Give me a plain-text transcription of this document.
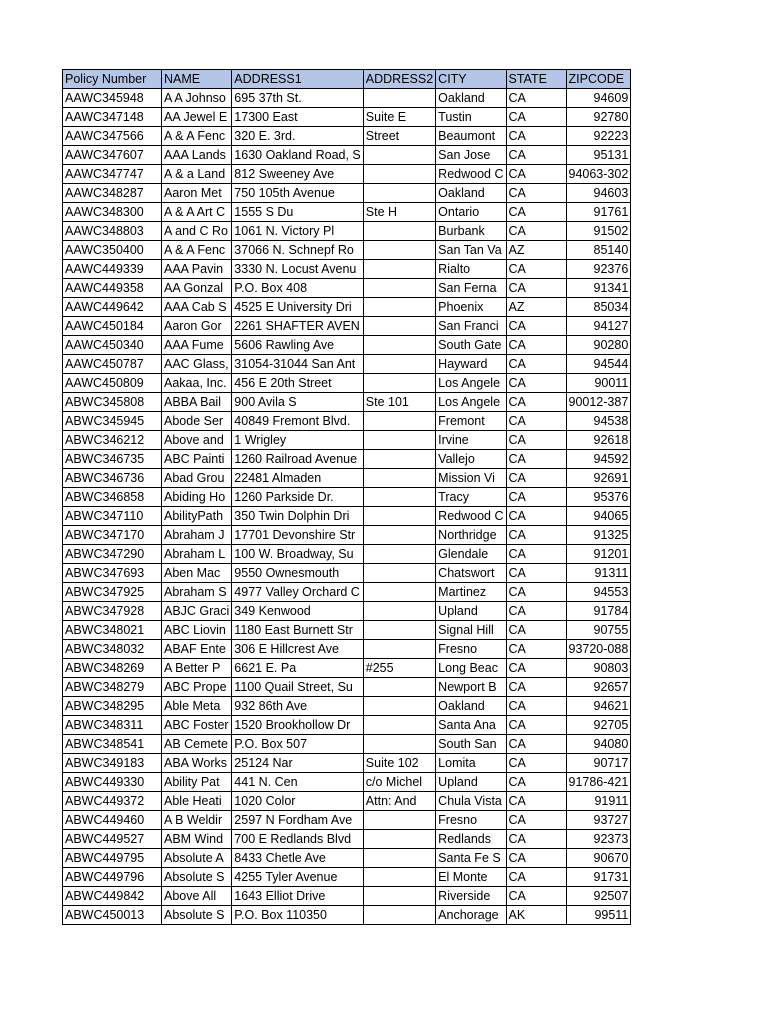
Policy Number	NAME	ADDRESS1	ADDRESS2	CITY	STATE	ZIPCODE
AAWC345948	A A Johnso	695 37th St.		Oakland	CA	94609
AAWC347148	AA Jewel E	17300 East	Suite E	Tustin	CA	92780
AAWC347566	A & A Fenc	320 E. 3rd.	Street	Beaumont	CA	92223
AAWC347607	AAA Lands	1630 Oakland Road, S		San Jose	CA	95131
AAWC347747	A & a Land	812 Sweeney Ave		Redwood C	CA	94063-302
AAWC348287	Aaron Met	750 105th Avenue		Oakland	CA	94603
AAWC348300	A & A Art C	1555 S Du	Ste H	Ontario	CA	91761
AAWC348803	A and C Ro	1061 N. Victory Pl		Burbank	CA	91502
AAWC350400	A & A Fenc	37066 N. Schnepf Ro		San Tan Va	AZ	85140
AAWC449339	AAA Pavin	3330 N. Locust Avenu		Rialto	CA	92376
AAWC449358	AA Gonzal	P.O. Box 408		San Ferna	CA	91341
AAWC449642	AAA Cab S	4525 E University Dri		Phoenix	AZ	85034
AAWC450184	Aaron Gor	2261 SHAFTER AVEN		San Franci	CA	94127
AAWC450340	AAA Fume	5606 Rawling Ave		South Gate	CA	90280
AAWC450787	AAC Glass,	31054-31044 San Ant		Hayward	CA	94544
AAWC450809	Aakaa, Inc.	456 E 20th Street		Los Angele	CA	90011
ABWC345808	ABBA Bail	900 Avila S	Ste 101	Los Angele	CA	90012-387
ABWC345945	Abode Ser	40849 Fremont Blvd.		Fremont	CA	94538
ABWC346212	Above and	1 Wrigley		Irvine	CA	92618
ABWC346735	ABC Painti	1260 Railroad Avenue		Vallejo	CA	94592
ABWC346736	Abad Grou	22481 Almaden		Mission Vi	CA	92691
ABWC346858	Abiding Ho	1260 Parkside Dr.		Tracy	CA	95376
ABWC347110	AbilityPath	350 Twin Dolphin Dri		Redwood C	CA	94065
ABWC347170	Abraham J	17701 Devonshire Str		Northridge	CA	91325
ABWC347290	Abraham L	100 W. Broadway, Su		Glendale	CA	91201
ABWC347693	Aben Mac	9550 Ownesmouth		Chatswort	CA	91311
ABWC347925	Abraham S	4977 Valley Orchard C		Martinez	CA	94553
ABWC347928	ABJC Graci	349 Kenwood		Upland	CA	91784
ABWC348021	ABC Liovin	1180 East Burnett Str		Signal Hill	CA	90755
ABWC348032	ABAF Ente	306 E Hillcrest Ave		Fresno	CA	93720-088
ABWC348269	A Better P	6621 E. Pa	#255	Long Beac	CA	90803
ABWC348279	ABC Prope	1100 Quail Street, Su		Newport B	CA	92657
ABWC348295	Able Meta	932 86th Ave		Oakland	CA	94621
ABWC348311	ABC Foster	1520 Brookhollow Dr		Santa Ana	CA	92705
ABWC348541	AB Cemete	P.O. Box 507		South San	CA	94080
ABWC349183	ABA Works	25124 Nar	Suite 102	Lomita	CA	90717
ABWC449330	Ability Pat	441 N. Cen	c/o Michel	Upland	CA	91786-421
ABWC449372	Able Heati	1020 Color	Attn: And	Chula Vista	CA	91911
ABWC449460	A B Weldir	2597 N Fordham Ave		Fresno	CA	93727
ABWC449527	ABM Wind	700 E Redlands Blvd		Redlands	CA	92373
ABWC449795	Absolute A	8433 Chetle Ave		Santa Fe S	CA	90670
ABWC449796	Absolute S	4255 Tyler Avenue		El Monte	CA	91731
ABWC449842	Above All	1643 Elliot Drive		Riverside	CA	92507
ABWC450013	Absolute S	P.O. Box 110350		Anchorage	AK	99511
